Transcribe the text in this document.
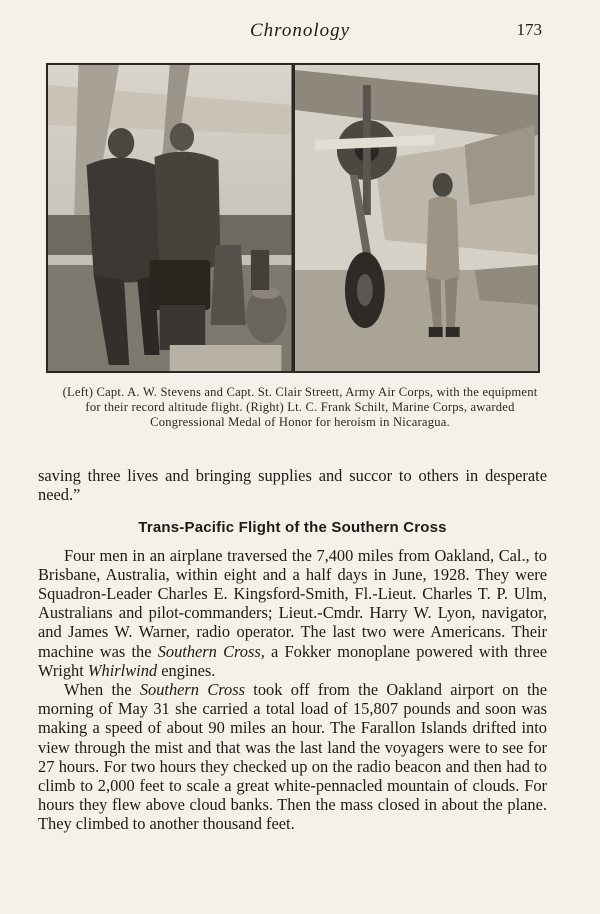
Chronology	173
(Left) Capt. A. W. Stevens and Capt. St. Clair Streett, Army Air Corps, with the equipment for their record altitude flight. (Right) Lt. C. Frank Schilt, Marine Corps, awarded Congressional Medal of Honor for heroism in Nicaragua.

saving three lives and bringing supplies and succor to others in desperate need.”

Trans-Pacific Flight of the Southern Cross

Four men in an airplane traversed the 7,400 miles from Oakland, Cal., to Brisbane, Australia, within eight and a half days in June, 1928. They were Squadron-Leader Charles E. Kingsford-Smith, Fl.-Lieut. Charles T. P. Ulm, Australians and pilot-commanders; Lieut.-Cmdr. Harry W. Lyon, navigator, and James W. Warner, radio operator. The last two were Americans. Their machine was the Southern Cross, a Fokker monoplane powered with three Wright Whirlwind engines.

When the Southern Cross took off from the Oakland airport on the morning of May 31 she carried a total load of 15,807 pounds and soon was making a speed of about 90 miles an hour. The Farallon Islands drifted into view through the mist and that was the last land the voyagers were to see for 27 hours. For two hours they checked up on the radio beacon and then had to climb to 2,000 feet to scale a great white-pennacled mountain of clouds. For hours they flew above cloud banks. Then the mass closed in about the plane. They climbed to another thousand feet.
